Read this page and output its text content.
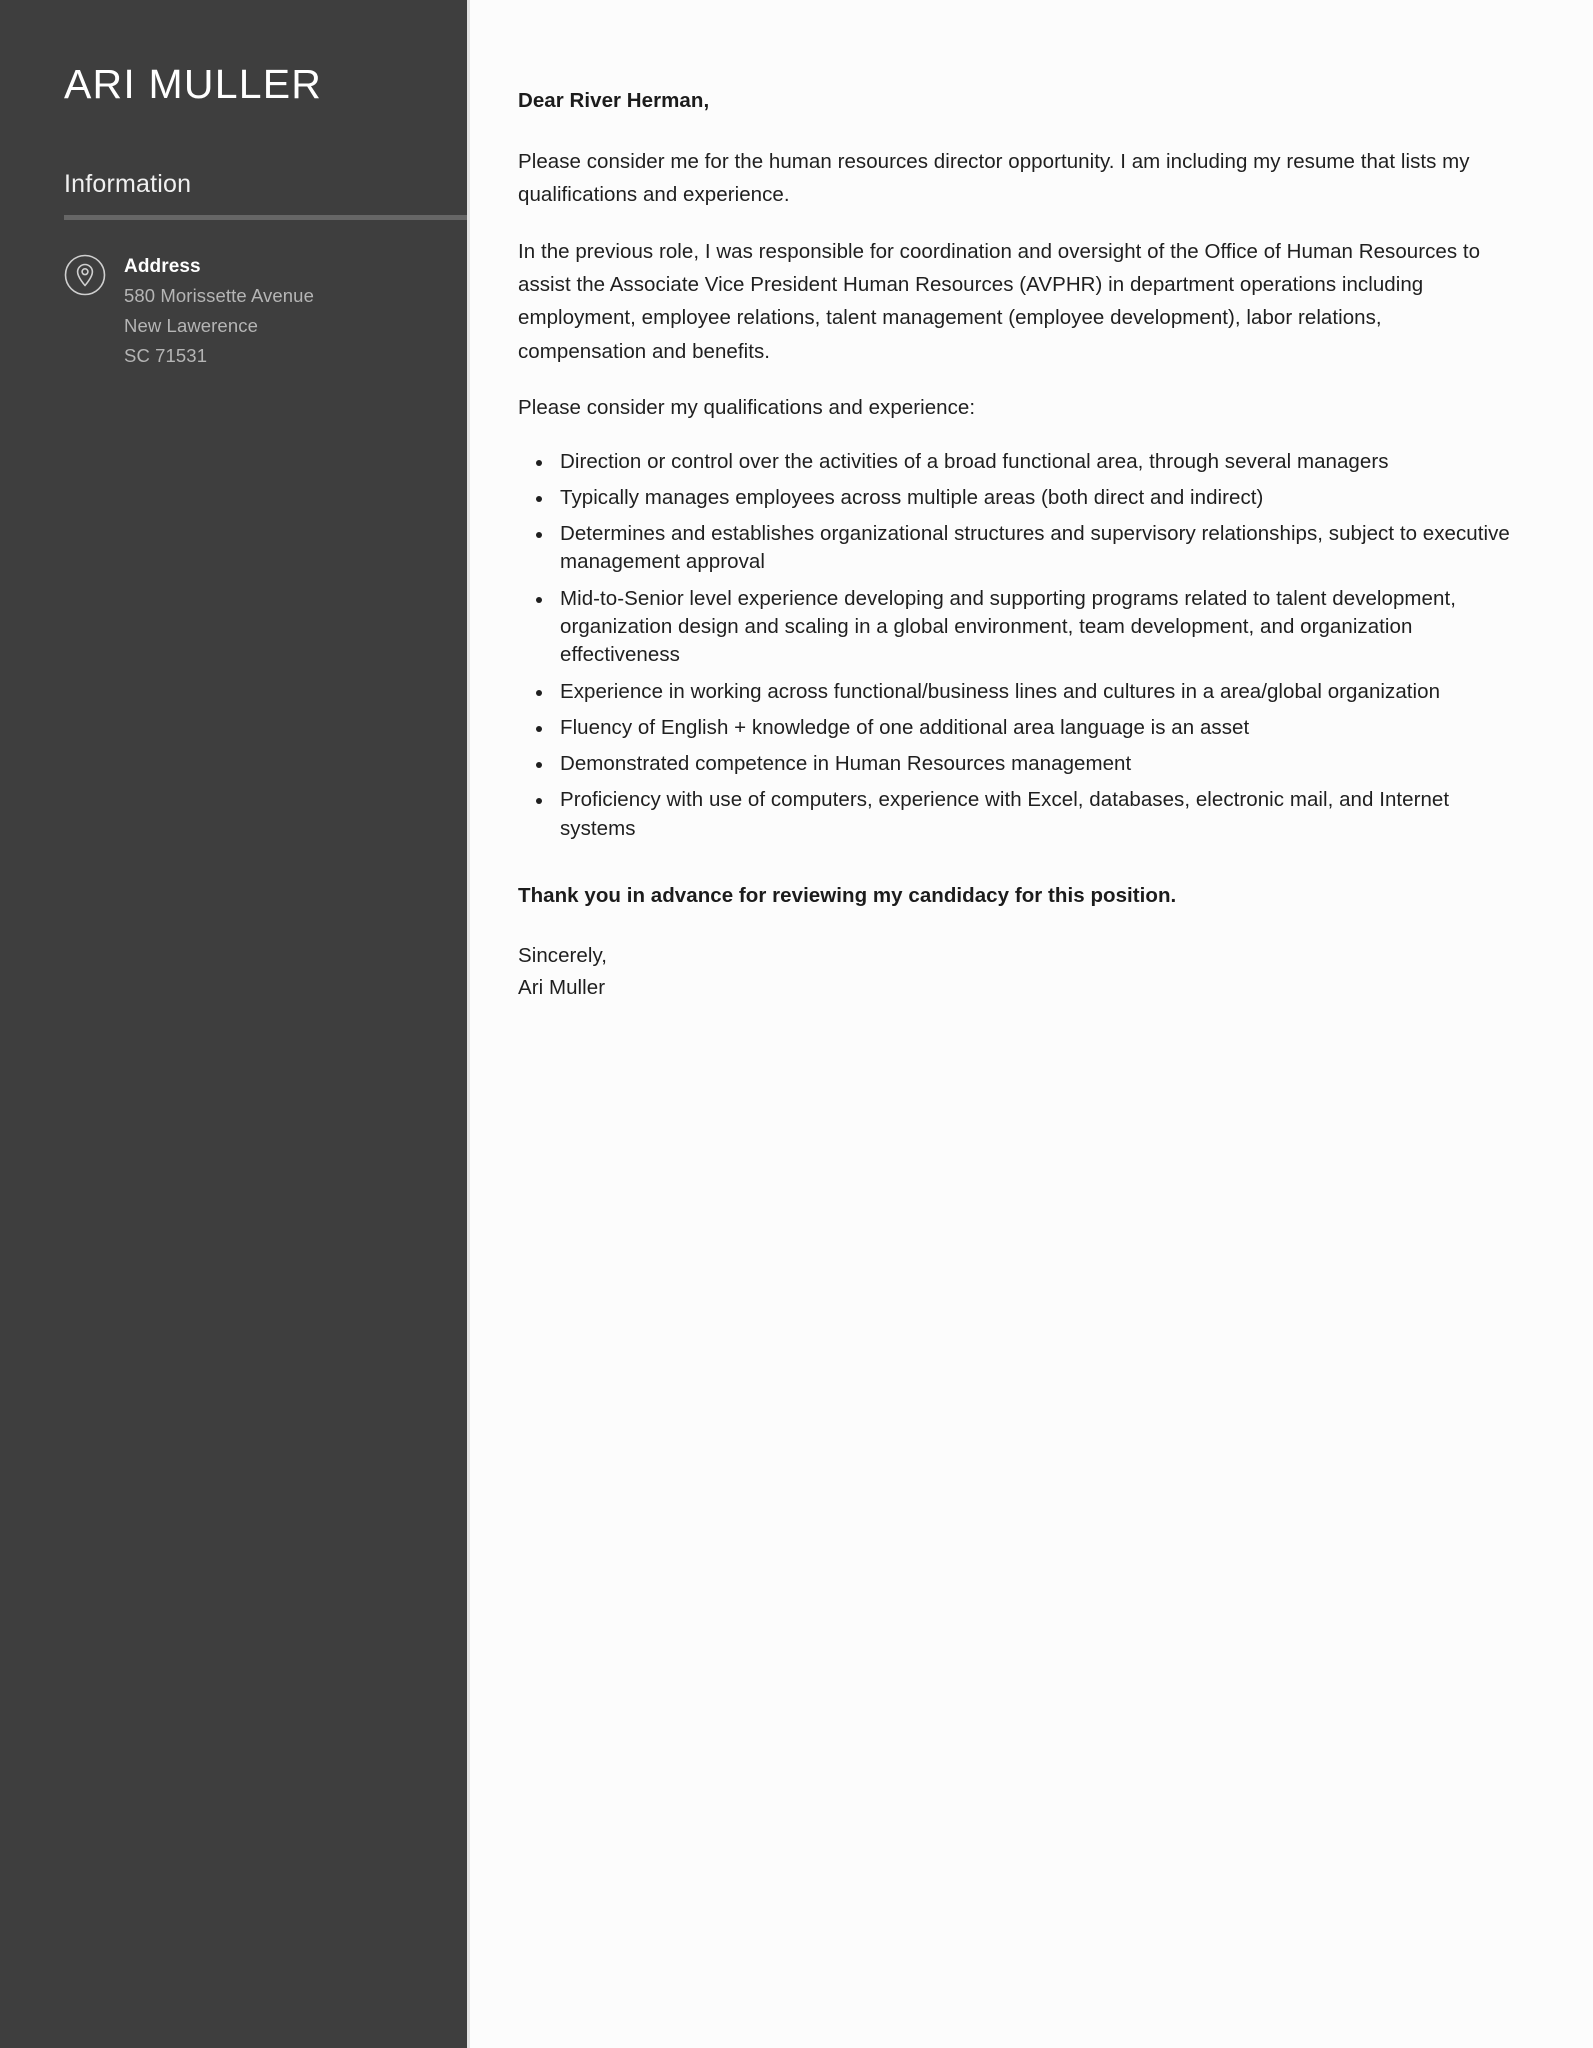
ARI MULLER
Information
Address
580 Morissette Avenue
New Lawerence
SC 71531

Dear River Herman,

Please consider me for the human resources director opportunity. I am including my resume that lists my qualifications and experience.

In the previous role, I was responsible for coordination and oversight of the Office of Human Resources to assist the Associate Vice President Human Resources (AVPHR) in department operations including employment, employee relations, talent management (employee development), labor relations, compensation and benefits.

Please consider my qualifications and experience:

Direction or control over the activities of a broad functional area, through several managers
Typically manages employees across multiple areas (both direct and indirect)
Determines and establishes organizational structures and supervisory relationships, subject to executive management approval
Mid-to-Senior level experience developing and supporting programs related to talent development, organization design and scaling in a global environment, team development, and organization effectiveness
Experience in working across functional/business lines and cultures in a area/global organization
Fluency of English + knowledge of one additional area language is an asset
Demonstrated competence in Human Resources management
Proficiency with use of computers, experience with Excel, databases, electronic mail, and Internet systems

Thank you in advance for reviewing my candidacy for this position.

Sincerely,

Ari Muller
